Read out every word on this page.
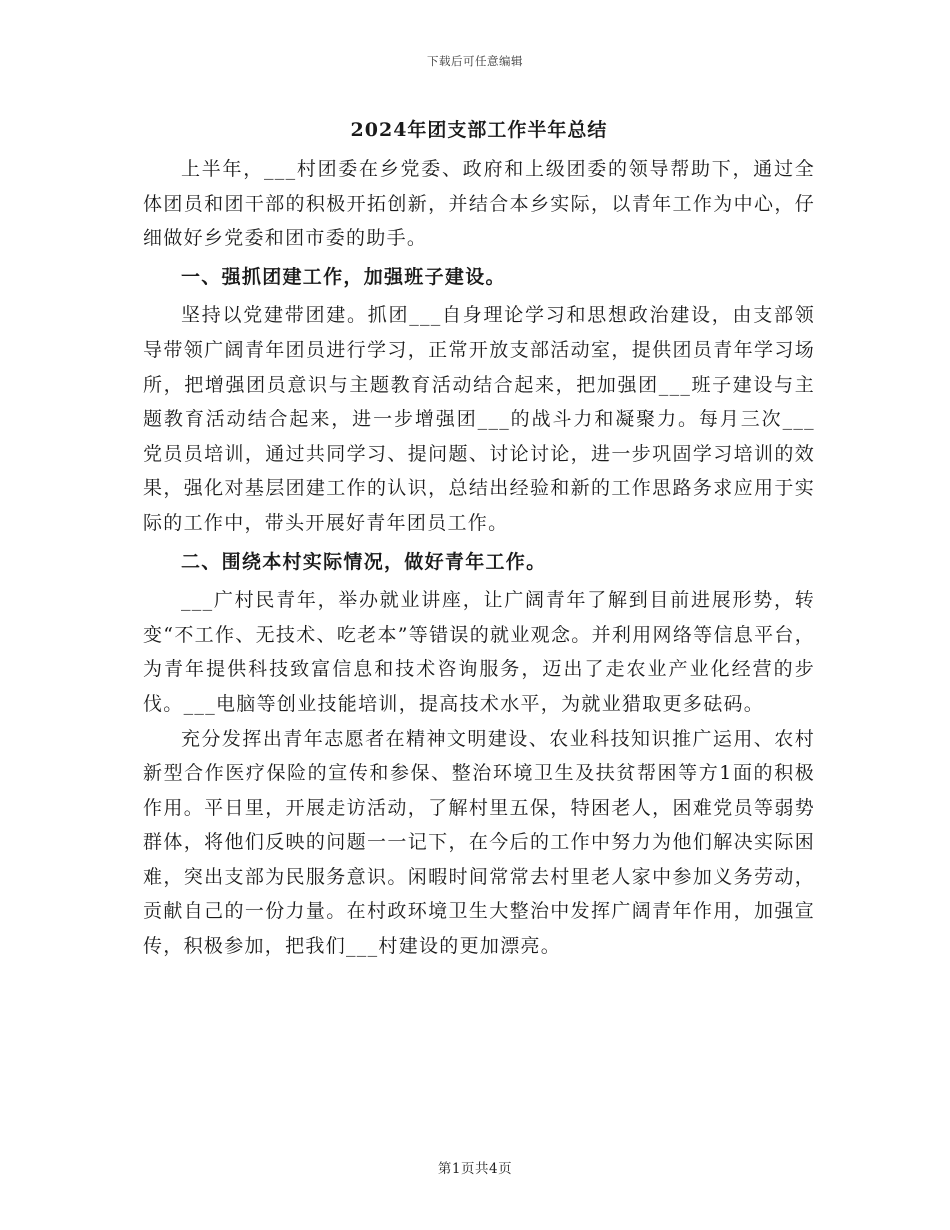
下载后可任意编辑
2024年团支部工作半年总结

上半年，___村团委在乡党委、政府和上级团委的领导帮助下，通过全体团员和团干部的积极开拓创新，并结合本乡实际，以青年工作为中心，仔细做好乡党委和团市委的助手。

一、强抓团建工作，加强班子建设。

坚持以党建带团建。抓团___自身理论学习和思想政治建设，由支部领导带领广阔青年团员进行学习，正常开放支部活动室，提供团员青年学习场所，把增强团员意识与主题教育活动结合起来，把加强团___班子建设与主题教育活动结合起来，进一步增强团___的战斗力和凝聚力。每月三次___党员员培训，通过共同学习、提问题、讨论讨论，进一步巩固学习培训的效果，强化对基层团建工作的认识，总结出经验和新的工作思路务求应用于实际的工作中，带头开展好青年团员工作。

二、围绕本村实际情况，做好青年工作。

___广村民青年，举办就业讲座，让广阔青年了解到目前进展形势，转变“不工作、无技术、吃老本”等错误的就业观念。并利用网络等信息平台，为青年提供科技致富信息和技术咨询服务，迈出了走农业产业化经营的步伐。___电脑等创业技能培训，提高技术水平，为就业猎取更多砝码。

充分发挥出青年志愿者在精神文明建设、农业科技知识推广运用、农村新型合作医疗保险的宣传和参保、整治环境卫生及扶贫帮困等方1面的积极作用。平日里，开展走访活动，了解村里五保，特困老人，困难党员等弱势群体，将他们反映的问题一一记下，在今后的工作中努力为他们解决实际困难，突出支部为民服务意识。闲暇时间常常去村里老人家中参加义务劳动，贡献自己的一份力量。在村政环境卫生大整治中发挥广阔青年作用，加强宣传，积极参加，把我们___村建设的更加漂亮。

第1页共4页
